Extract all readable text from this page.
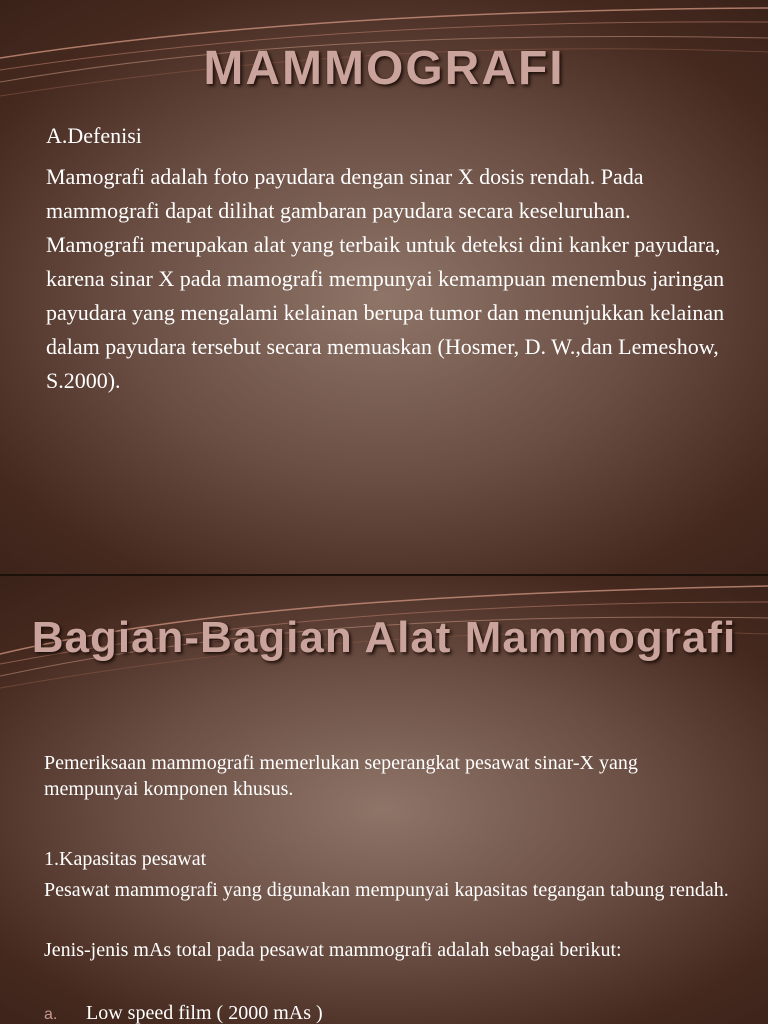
MAMMOGRAFI
A.Defenisi

Mamografi adalah foto payudara dengan sinar X dosis rendah. Pada mammografi dapat dilihat gambaran payudara secara keseluruhan. Mamografi merupakan alat yang terbaik untuk deteksi dini kanker payudara, karena sinar X pada mamografi mempunyai kemampuan menembus jaringan payudara yang mengalami kelainan berupa tumor dan menunjukkan kelainan dalam payudara tersebut secara memuaskan (Hosmer, D. W.,dan Lemeshow, S.2000).

Bagian-Bagian Alat Mammografi

Pemeriksaan mammografi memerlukan seperangkat pesawat sinar-X yang mempunyai komponen khusus.

1.Kapasitas pesawat

Pesawat mammografi yang digunakan mempunyai kapasitas tegangan tabung rendah.

Jenis-jenis mAs total pada pesawat mammografi adalah sebagai berikut:

a. Low speed film ( 2000 mAs )
